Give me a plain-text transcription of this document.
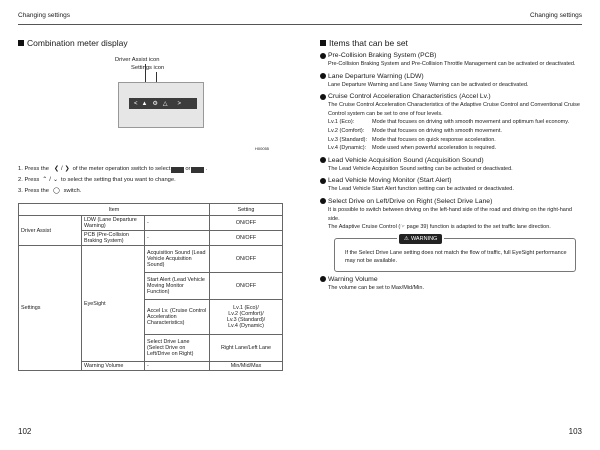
Changing settings	Changing settings
Combination meter display
Driver Assist icon
Settings icon
< ▲ ⚙ △ >
H00055
1. Press the ❮ / ❯ of the meter operation switch to select	or	.
2. Press ⌃ / ⌄ to select the setting that you want to change.
3. Press the ◯ switch.
Item			Setting
Driver Assist	LDW (Lane Departure Warning)	-	ON/OFF
	PCB (Pre-Collision Braking System)	-	ON/OFF
Settings	EyeSight	Acquisition Sound (Lead Vehicle Acquisition Sound)	ON/OFF
		Start Alert (Lead Vehicle Moving Monitor Function)	ON/OFF
		Accel Lv. (Cruise Control Acceleration Characteristics)	Lv.1 (Eco)/
Lv.2 (Comfort)/
Lv.3 (Standard)/
Lv.4 (Dynamic)

		Select Drive Lane (Select Drive on Left/Drive on Right)	Right Lane/Left Lane
	Warning Volume	-	Min/Mid/Max
Items that can be set
Pre-Collision Braking System (PCB)
Pre-Collision Braking System and Pre-Collision Throttle Management can be activated or deactivated.
Lane Departure Warning (LDW)
Lane Departure Warning and Lane Sway Warning can be activated or deactivated.
Cruise Control Acceleration Characteristics (Accel Lv.)
The Cruise Control Acceleration Characteristics of the Adaptive Cruise Control and Conventional Cruise Control system can be set to one of four levels.
Lv.1 (Eco):	Mode that focuses on driving with smooth movement and optimum fuel economy.
Lv.2 (Comfort):	Mode that focuses on driving with smooth movement.
Lv.3 (Standard): Mode that focuses on quick response acceleration.
Lv.4 (Dynamic):	Mode used when powerful acceleration is required.
Lead Vehicle Acquisition Sound (Acquisition Sound)
The Lead Vehicle Acquisition Sound setting can be activated or deactivated.
Lead Vehicle Moving Monitor (Start Alert)
The Lead Vehicle Start Alert function setting can be activated or deactivated.
Select Drive on Left/Drive on Right (Select Drive Lane)
It is possible to switch between driving on the left-hand side of the road and driving on the right-hand side.
The Adaptive Cruise Control (☞ page 39) function is adapted to the set traffic lane direction.
⚠ WARNING
If the Select Drive Lane setting does not match the flow of traffic, full EyeSight performance may not be available.
Warning Volume
The volume can be set to Max/Mid/Min.
102	103
